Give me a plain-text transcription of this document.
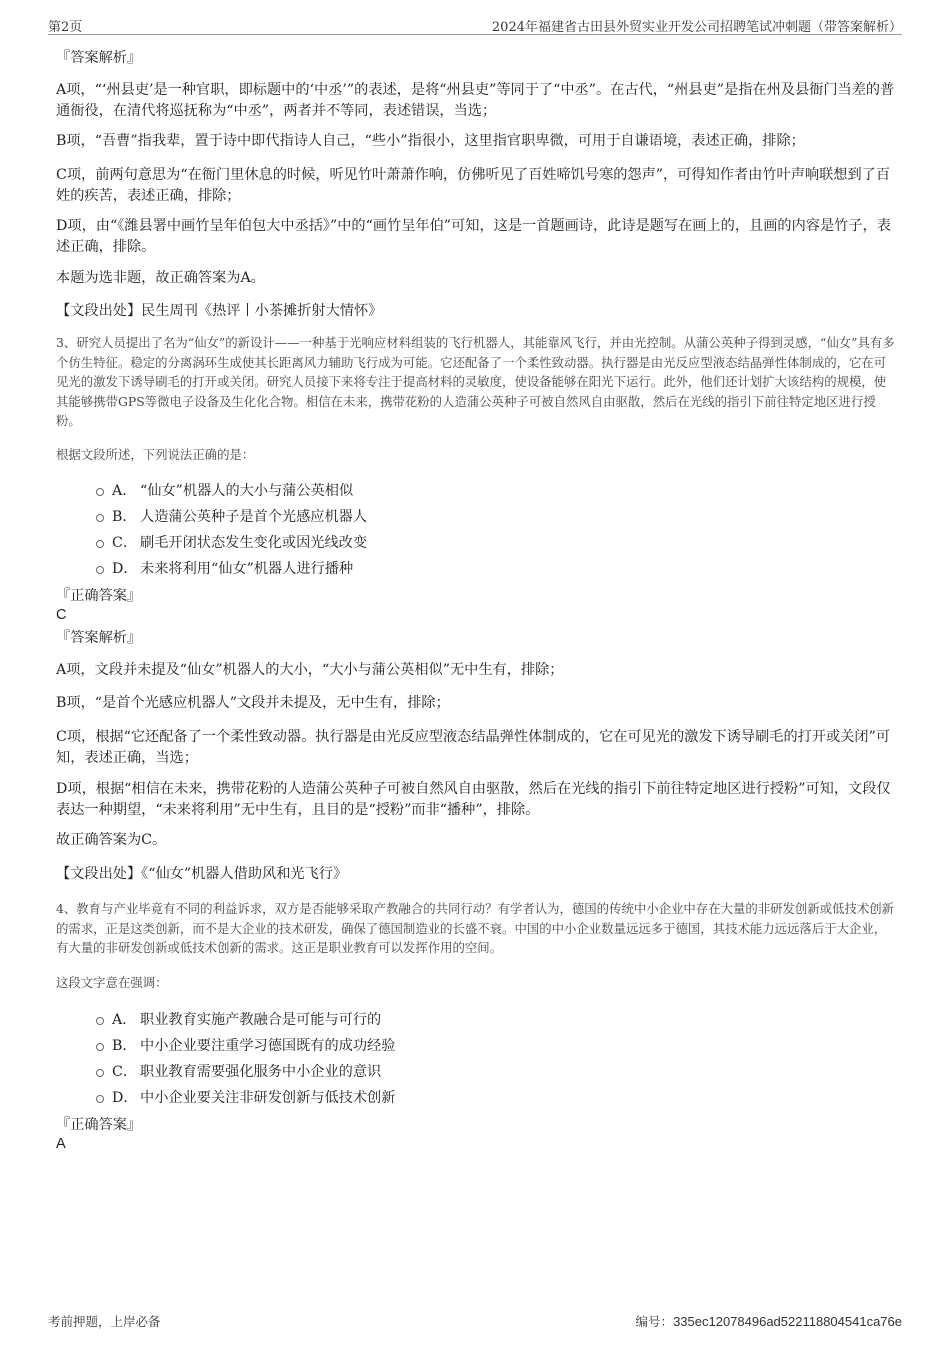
第2页	2024年福建省古田县外贸实业开发公司招聘笔试冲刺题（带答案解析）
『答案解析』
A项，“‘州县吏’是一种官职，即标题中的‘中丞’”的表述，是将“州县吏”等同于了“中丞”。在古代，“州县吏”是指在州及县衙门当差的普通衙役，在清代将巡抚称为“中丞”，两者并不等同，表述错误，当选；
B项，“吾曹”指我辈，置于诗中即代指诗人自己，“些小”指很小，这里指官职卑微，可用于自谦语境，表述正确，排除；
C项，前两句意思为“在衙门里休息的时候，听见竹叶萧萧作响，仿佛听见了百姓啼饥号寒的怨声”，可得知作者由竹叶声响联想到了百姓的疾苦，表述正确，排除；
D项，由“《潍县署中画竹呈年伯包大中丞括》”中的“画竹呈年伯”可知，这是一首题画诗，此诗是题写在画上的，且画的内容是竹子，表述正确，排除。
本题为选非题，故正确答案为A。
【文段出处】民生周刊《热评丨小茶摊折射大情怀》
3、研究人员提出了名为“仙女”的新设计——一种基于光响应材料组装的飞行机器人，其能靠风飞行，并由光控制。从蒲公英种子得到灵感，“仙女”具有多个仿生特征。稳定的分离涡环生成使其长距离风力辅助飞行成为可能。它还配备了一个柔性致动器。执行器是由光反应型液态结晶弹性体制成的，它在可见光的激发下诱导刷毛的打开或关闭。研究人员接下来将专注于提高材料的灵敏度，使设备能够在阳光下运行。此外，他们还计划扩大该结构的规模，使其能够携带GPS等微电子设备及生化化合物。相信在未来，携带花粉的人造蒲公英种子可被自然风自由驱散，然后在光线的指引下前往特定地区进行授粉。
根据文段所述，下列说法正确的是：
A． “仙女”机器人的大小与蒲公英相似
B． 人造蒲公英种子是首个光感应机器人
C． 刷毛开闭状态发生变化或因光线改变
D． 未来将利用“仙女”机器人进行播种
『正确答案』
C
『答案解析』
A项，文段并未提及“仙女”机器人的大小，“大小与蒲公英相似”无中生有，排除；
B项，“是首个光感应机器人”文段并未提及，无中生有，排除；
C项，根据“它还配备了一个柔性致动器。执行器是由光反应型液态结晶弹性体制成的，它在可见光的激发下诱导刷毛的打开或关闭”可知，表述正确，当选；
D项，根据“相信在未来，携带花粉的人造蒲公英种子可被自然风自由驱散，然后在光线的指引下前往特定地区进行授粉”可知，文段仅表达一种期望，“未来将利用”无中生有，且目的是“授粉”而非“播种”，排除。
故正确答案为C。
【文段出处】《“仙女”机器人借助风和光飞行》
4、教育与产业毕竟有不同的利益诉求，双方是否能够采取产教融合的共同行动？有学者认为，德国的传统中小企业中存在大量的非研发创新或低技术创新的需求，正是这类创新，而不是大企业的技术研发，确保了德国制造业的长盛不衰。中国的中小企业数量远远多于德国，其技术能力远远落后于大企业，有大量的非研发创新或低技术创新的需求。这正是职业教育可以发挥作用的空间。
这段文字意在强调：
A． 职业教育实施产教融合是可能与可行的
B． 中小企业要注重学习德国既有的成功经验
C． 职业教育需要强化服务中小企业的意识
D． 中小企业要关注非研发创新与低技术创新
『正确答案』
A
考前押题，上岸必备	编号：335ec12078496ad522118804541ca76e
